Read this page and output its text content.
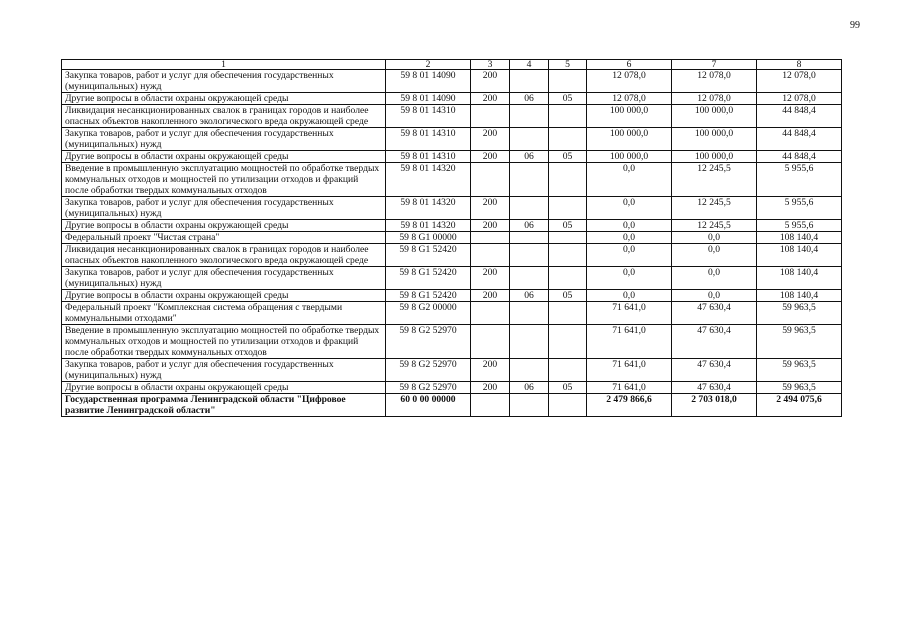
99
1	2	3	4	5	6	7	8
Закупка товаров, работ и услуг для обеспечения государственных (муниципальных) нужд	59 8 01 14090	200			12 078,0	12 078,0	12 078,0
Другие вопросы в области охраны окружающей среды	59 8 01 14090	200	06	05	12 078,0	12 078,0	12 078,0
Ликвидация несанкционированных свалок в границах городов и наиболее опасных объектов накопленного экологического вреда окружающей среде	59 8 01 14310				100 000,0	100 000,0	44 848,4
Закупка товаров, работ и услуг для обеспечения государственных (муниципальных) нужд	59 8 01 14310	200			100 000,0	100 000,0	44 848,4
Другие вопросы в области охраны окружающей среды	59 8 01 14310	200	06	05	100 000,0	100 000,0	44 848,4
Введение в промышленную эксплуатацию мощностей по обработке твердых коммунальных отходов и мощностей по утилизации отходов и фракций после обработки твердых коммунальных отходов	59 8 01 14320				0,0	12 245,5	5 955,6
Закупка товаров, работ и услуг для обеспечения государственных (муниципальных) нужд	59 8 01 14320	200			0,0	12 245,5	5 955,6
Другие вопросы в области охраны окружающей среды	59 8 01 14320	200	06	05	0,0	12 245,5	5 955,6
Федеральный проект "Чистая страна"	59 8 G1 00000				0,0	0,0	108 140,4
Ликвидация несанкционированных свалок в границах городов и наиболее опасных объектов накопленного экологического вреда окружающей среде	59 8 G1 52420				0,0	0,0	108 140,4
Закупка товаров, работ и услуг для обеспечения государственных (муниципальных) нужд	59 8 G1 52420	200			0,0	0,0	108 140,4
Другие вопросы в области охраны окружающей среды	59 8 G1 52420	200	06	05	0,0	0,0	108 140,4
Федеральный проект "Комплексная система обращения с твердыми коммунальными отходами"	59 8 G2 00000				71 641,0	47 630,4	59 963,5
Введение в промышленную эксплуатацию мощностей по обработке твердых коммунальных отходов и мощностей по утилизации отходов и фракций после обработки твердых коммунальных отходов	59 8 G2 52970				71 641,0	47 630,4	59 963,5
Закупка товаров, работ и услуг для обеспечения государственных (муниципальных) нужд	59 8 G2 52970	200			71 641,0	47 630,4	59 963,5
Другие вопросы в области охраны окружающей среды	59 8 G2 52970	200	06	05	71 641,0	47 630,4	59 963,5
Государственная программа Ленинградской области "Цифровое развитие Ленинградской области"	60 0 00 00000				2 479 866,6	2 703 018,0	2 494 075,6
